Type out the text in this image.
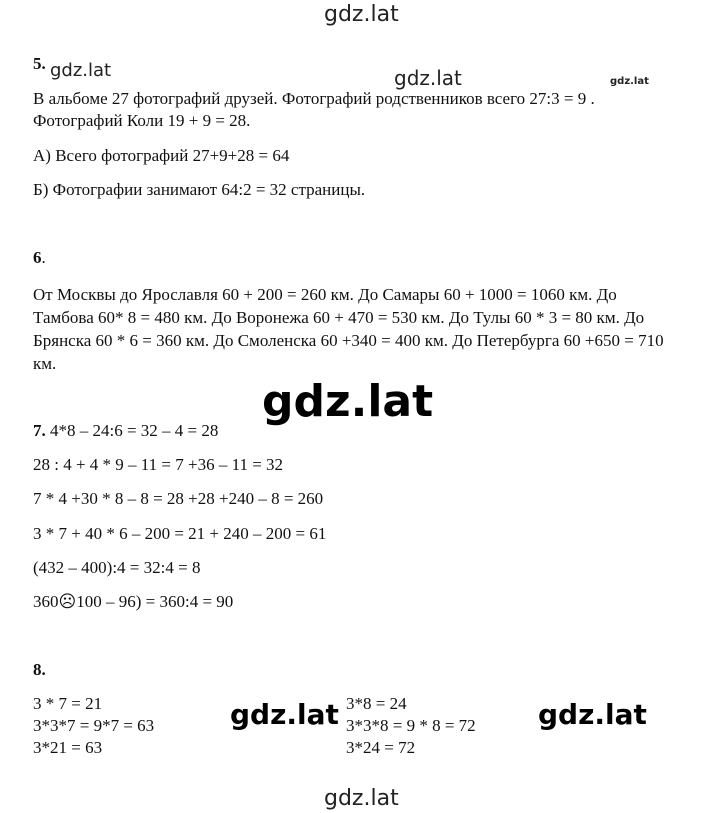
gdz.lat
gdz.lat	gdz.lat	gdz.lat
gdz.lat
5.
В альбоме 27 фотографий друзей. Фотографий родственников всего 27:3 = 9 . Фотографий Коли 19 + 9 = 28.
А) Всего фотографий 27+9+28 = 64
Б) Фотографии занимают 64:2 = 32 страницы.
6.
От Москвы до Ярославля 60 + 200 = 260 км. До Самары 60 + 1000 = 1060 км. До Тамбова 60* 8 = 480 км. До Воронежа 60 + 470 = 530 км. До Тулы 60 * 3 = 80 км. До Брянска 60 * 6 = 360 км. До Смоленска 60 +340 = 400 км. До Петербурга 60 +650 = 710 км.
7. 4*8 – 24:6 = 32 – 4 = 28
28 : 4 + 4 * 9 – 11 = 7 +36 – 11 = 32
7 * 4 +30 * 8 – 8 = 28 +28 +240 – 8 = 260
3 * 7 + 40 * 6 – 200 = 21 + 240 – 200 = 61
(432 – 400):4 = 32:4 = 8
360☹100 – 96) = 360:4 = 90
8.
3 * 7 = 21
3*3*7 = 9*7 = 63
3*21 = 63
gdz.lat 3*8 = 24
3*3*8 = 9 * 8 = 72
3*24 = 72
gdz.lat
gdz.lat
